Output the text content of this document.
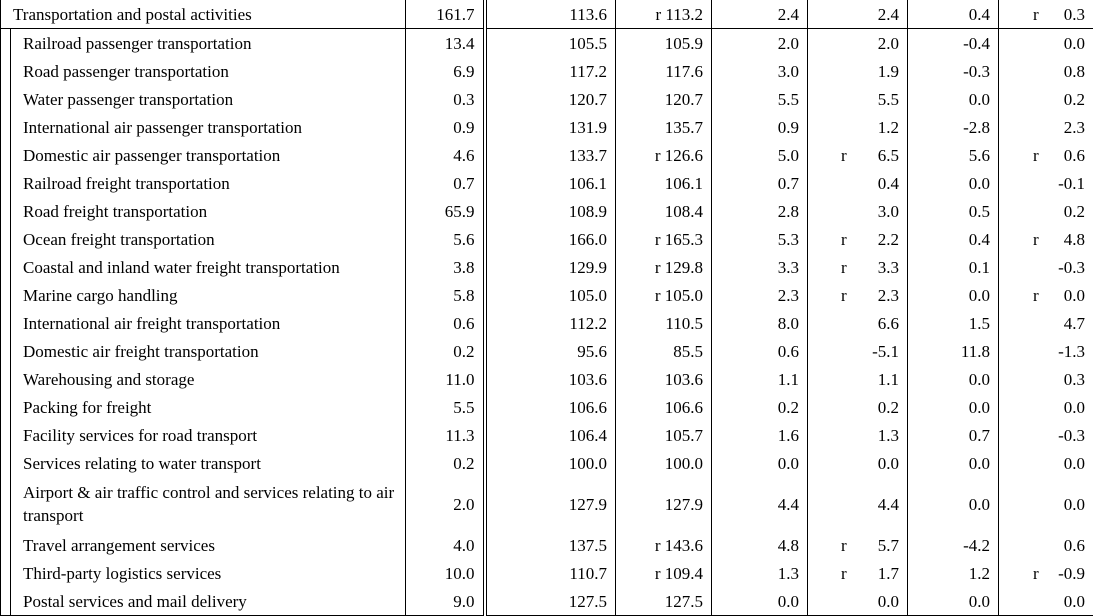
Transportation and postal activities	161.7	113.6	r 113.2	2.4	2.4	0.4	r 0.3

Railroad passenger transportation	13.4	105.5	105.9	2.0	2.0	-0.4	0.0

Road passenger transportation	6.9	117.2	117.6	3.0	1.9	-0.3	0.8

Water passenger transportation	0.3	120.7	120.7	5.5	5.5	0.0	0.2

International air passenger transportation	0.9	131.9	135.7	0.9	1.2	-2.8	2.3

Domestic air passenger transportation	4.6	133.7	r 126.6	5.0	r 6.5	5.6	r 0.6

Railroad freight transportation	0.7	106.1	106.1	0.7	0.4	0.0	-0.1

Road freight transportation	65.9	108.9	108.4	2.8	3.0	0.5	0.2

Ocean freight transportation	5.6	166.0	r 165.3	5.3	r 2.2	0.4	r 4.8

Coastal and inland water freight transportation	3.8	129.9	r 129.8	3.3	r 3.3	0.1	-0.3

Marine cargo handling	5.8	105.0	r 105.0	2.3	r 2.3	0.0	r 0.0

International air freight transportation	0.6	112.2	110.5	8.0	6.6	1.5	4.7

Domestic air freight transportation	0.2	95.6	85.5	0.6	-5.1	11.8	-1.3

Warehousing and storage	11.0	103.6	103.6	1.1	1.1	0.0	0.3

Packing for freight	5.5	106.6	106.6	0.2	0.2	0.0	0.0

Facility services for road transport	11.3	106.4	105.7	1.6	1.3	0.7	-0.3

Services relating to water transport	0.2	100.0	100.0	0.0	0.0	0.0	0.0

Airport & air traffic control and services relating to air transport	2.0	127.9	127.9	4.4	4.4	0.0	0.0

Travel arrangement services	4.0	137.5	r 143.6	4.8	r 5.7	-4.2	0.6

Third-party logistics services	10.0	110.7	r 109.4	1.3	r 1.7	1.2	r -0.9

Postal services and mail delivery	9.0	127.5	127.5	0.0	0.0	0.0	0.0
